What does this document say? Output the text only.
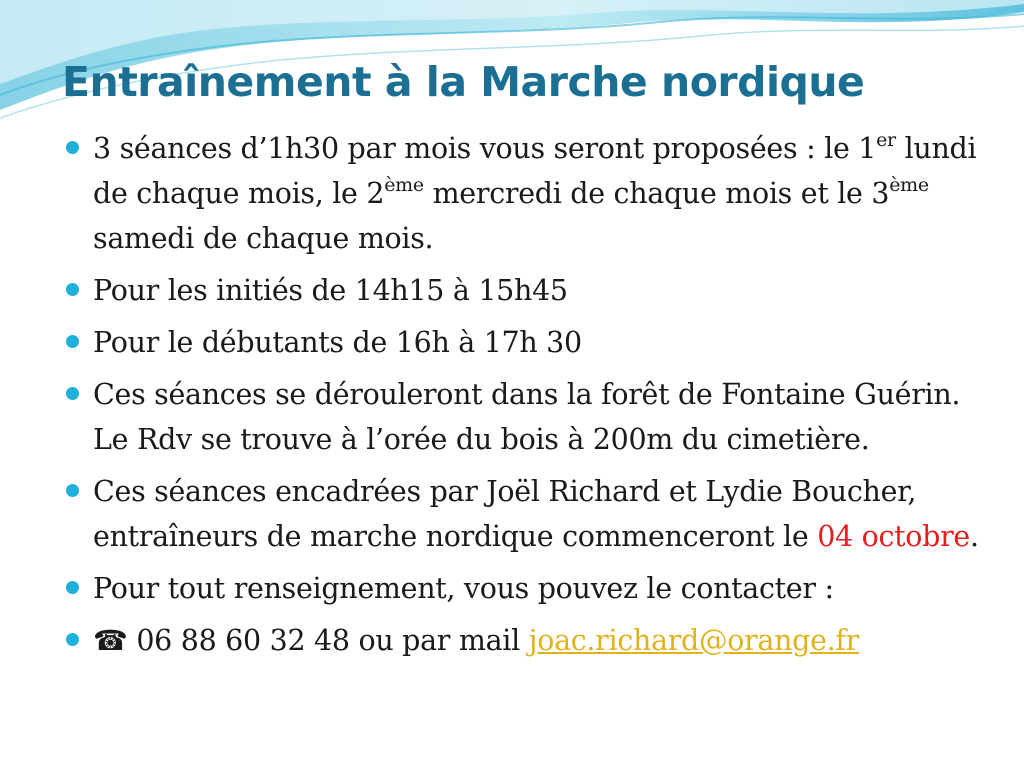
Entraînement à la Marche nordique
3 séances d’1h30 par mois vous seront proposées : le 1er lundi de chaque mois, le 2ème mercredi de chaque mois et le 3ème samedi de chaque mois.
Pour les initiés de 14h15 à 15h45
Pour le débutants de 16h à 17h 30
Ces séances se dérouleront dans la forêt de Fontaine Guérin. Le Rdv se trouve à l’orée du bois à 200m du cimetière.
Ces séances encadrées par Joël Richard et Lydie Boucher, entraîneurs de marche nordique commenceront le 04 octobre.
Pour tout renseignement, vous pouvez le contacter :
☎ 06 88 60 32 48 ou par mail joac.richard@orange.fr
